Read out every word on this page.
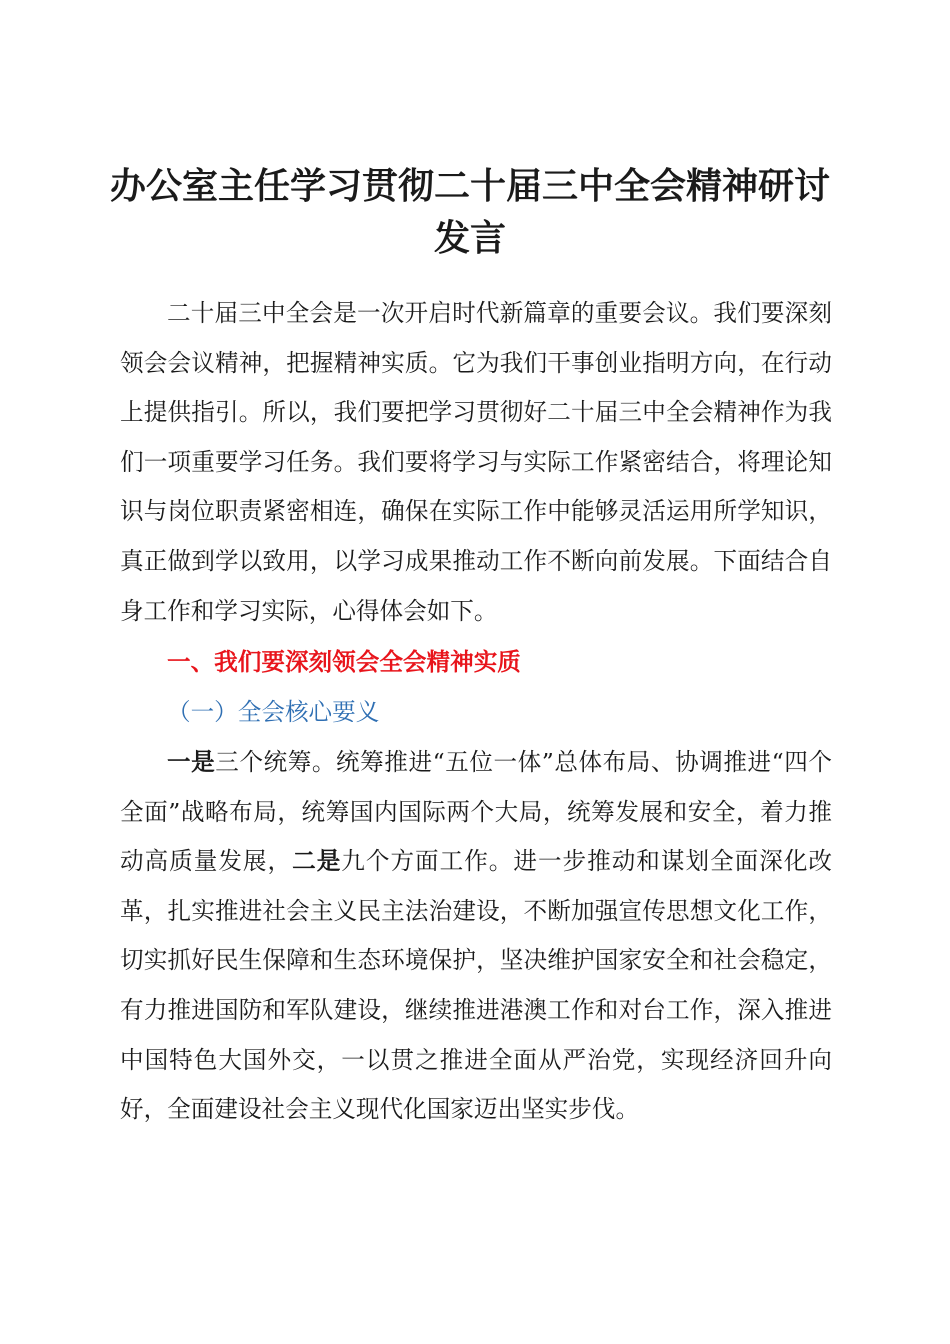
办公室主任学习贯彻二十届三中全会精神研讨
发言

二十届三中全会是一次开启时代新篇章的重要会议。我们要深刻领会会议精神，把握精神实质。它为我们干事创业指明方向，在行动上提供指引。所以，我们要把学习贯彻好二十届三中全会精神作为我们一项重要学习任务。我们要将学习与实际工作紧密结合，将理论知识与岗位职责紧密相连，确保在实际工作中能够灵活运用所学知识，真正做到学以致用，以学习成果推动工作不断向前发展。下面结合自身工作和学习实际，心得体会如下。

一、我们要深刻领会全会精神实质

（一）全会核心要义

一是三个统筹。统筹推进“五位一体”总体布局、协调推进“四个全面”战略布局，统筹国内国际两个大局，统筹发展和安全，着力推动高质量发展，二是九个方面工作。进一步推动和谋划全面深化改革，扎实推进社会主义民主法治建设，不断加强宣传思想文化工作，切实抓好民生保障和生态环境保护，坚决维护国家安全和社会稳定，有力推进国防和军队建设，继续推进港澳工作和对台工作，深入推进中国特色大国外交，一以贯之推进全面从严治党，实现经济回升向好，全面建设社会主义现代化国家迈出坚实步伐。
